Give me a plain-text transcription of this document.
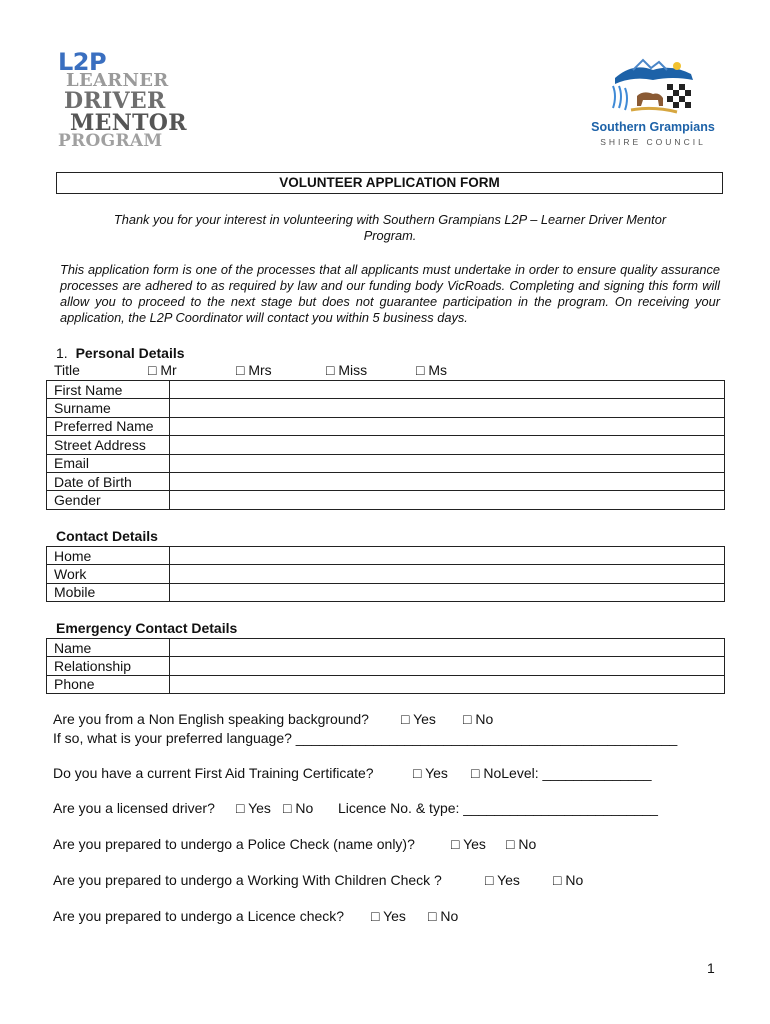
L2P
LEARNER
DRIVER
MENTOR
PROGRAM
Southern Grampians
SHIRE COUNCIL
VOLUNTEER APPLICATION FORM
Thank you for your interest in volunteering with Southern Grampians L2P – Learner Driver Mentor Program.
This application form is one of the processes that all applicants must undertake in order to ensure quality assurance processes are adhered to as required by law and our funding body VicRoads. Completing and signing this form will allow you to proceed to the next stage but does not guarantee participation in the program. On receiving your application, the L2P Coordinator will contact you within 5 business days.
1. Personal Details
Title	□ Mr	□ Mrs	□ Miss	□ Ms
First Name	
Surname	
Preferred Name	
Street Address	
Email	
Date of Birth	
Gender	
Contact Details
Home	
Work	
Mobile	
Emergency Contact Details
Name	
Relationship	
Phone	
Are you from a Non English speaking background? □ Yes □ No
If so, what is your preferred language? _________________________________________________
Do you have a current First Aid Training Certificate?	□ Yes □ NoLevel: ______________
Are you a licensed driver? □ Yes □ No Licence No. & type: _________________________
Are you prepared to undergo a Police Check (name only)?	□ Yes □ No
Are you prepared to undergo a Working With Children Check ?	□ Yes □ No
Are you prepared to undergo a Licence check? □ Yes □ No
1
